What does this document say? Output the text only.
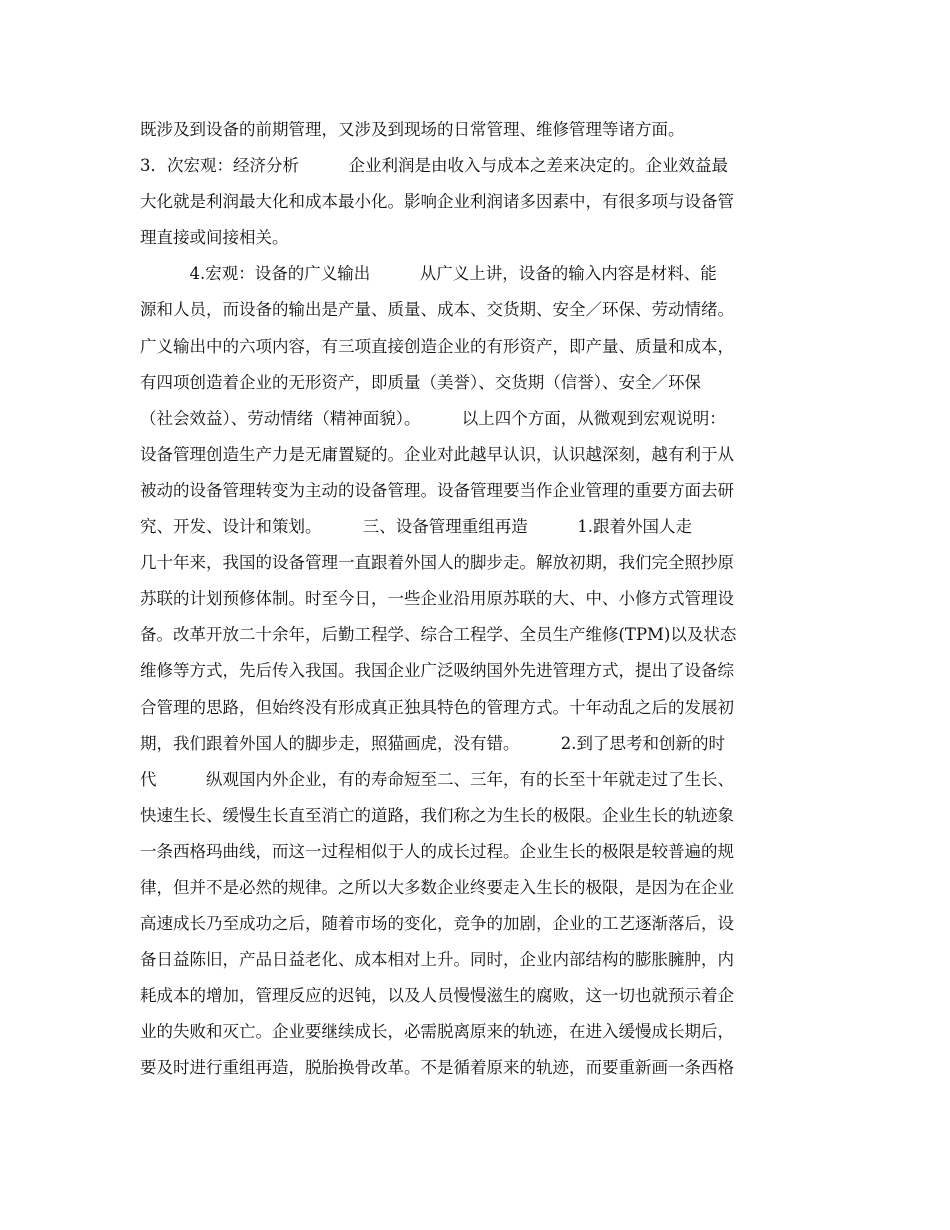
既涉及到设备的前期管理，又涉及到现场的日常管理、维修管理等诸方面。
3．次宏观：经济分析　　　企业利润是由收入与成本之差来决定的。企业效益最
大化就是利润最大化和成本最小化。影响企业利润诸多因素中，有很多项与设备管
理直接或间接相关。
　　　4.宏观：设备的广义输出　　　从广义上讲，设备的输入内容是材料、能
源和人员，而设备的输出是产量、质量、成本、交货期、安全／环保、劳动情绪。
广义输出中的六项内容，有三项直接创造企业的有形资产，即产量、质量和成本，
有四项创造着企业的无形资产，即质量（美誉）、交货期（信誉）、安全／环保
（社会效益）、劳动情绪（精神面貌）。　　　以上四个方面，从微观到宏观说明：
设备管理创造生产力是无庸置疑的。企业对此越早认识，认识越深刻，越有利于从
被动的设备管理转变为主动的设备管理。设备管理要当作企业管理的重要方面去研
究、开发、设计和策划。　　　三、设备管理重组再造　　　1.跟着外国人走
几十年来，我国的设备管理一直跟着外国人的脚步走。解放初期，我们完全照抄原
苏联的计划预修体制。时至今日，一些企业沿用原苏联的大、中、小修方式管理设
备。改革开放二十余年，后勤工程学、综合工程学、全员生产维修(TPM)以及状态
维修等方式，先后传入我国。我国企业广泛吸纳国外先进管理方式，提出了设备综
合管理的思路，但始终没有形成真正独具特色的管理方式。十年动乱之后的发展初
期，我们跟着外国人的脚步走，照猫画虎，没有错。　　　2.到了思考和创新的时
代　　　纵观国内外企业，有的寿命短至二、三年，有的长至十年就走过了生长、
快速生长、缓慢生长直至消亡的道路，我们称之为生长的极限。企业生长的轨迹象
一条西格玛曲线，而这一过程相似于人的成长过程。企业生长的极限是较普遍的规
律，但并不是必然的规律。之所以大多数企业终要走入生长的极限，是因为在企业
高速成长乃至成功之后，随着市场的变化，竞争的加剧，企业的工艺逐渐落后，设
备日益陈旧，产品日益老化、成本相对上升。同时，企业内部结构的膨胀臃肿，内
耗成本的增加，管理反应的迟钝，以及人员慢慢滋生的腐败，这一切也就预示着企
业的失败和灭亡。企业要继续成长，必需脱离原来的轨迹，在进入缓慢成长期后，
要及时进行重组再造，脱胎换骨改革。不是循着原来的轨迹，而要重新画一条西格
